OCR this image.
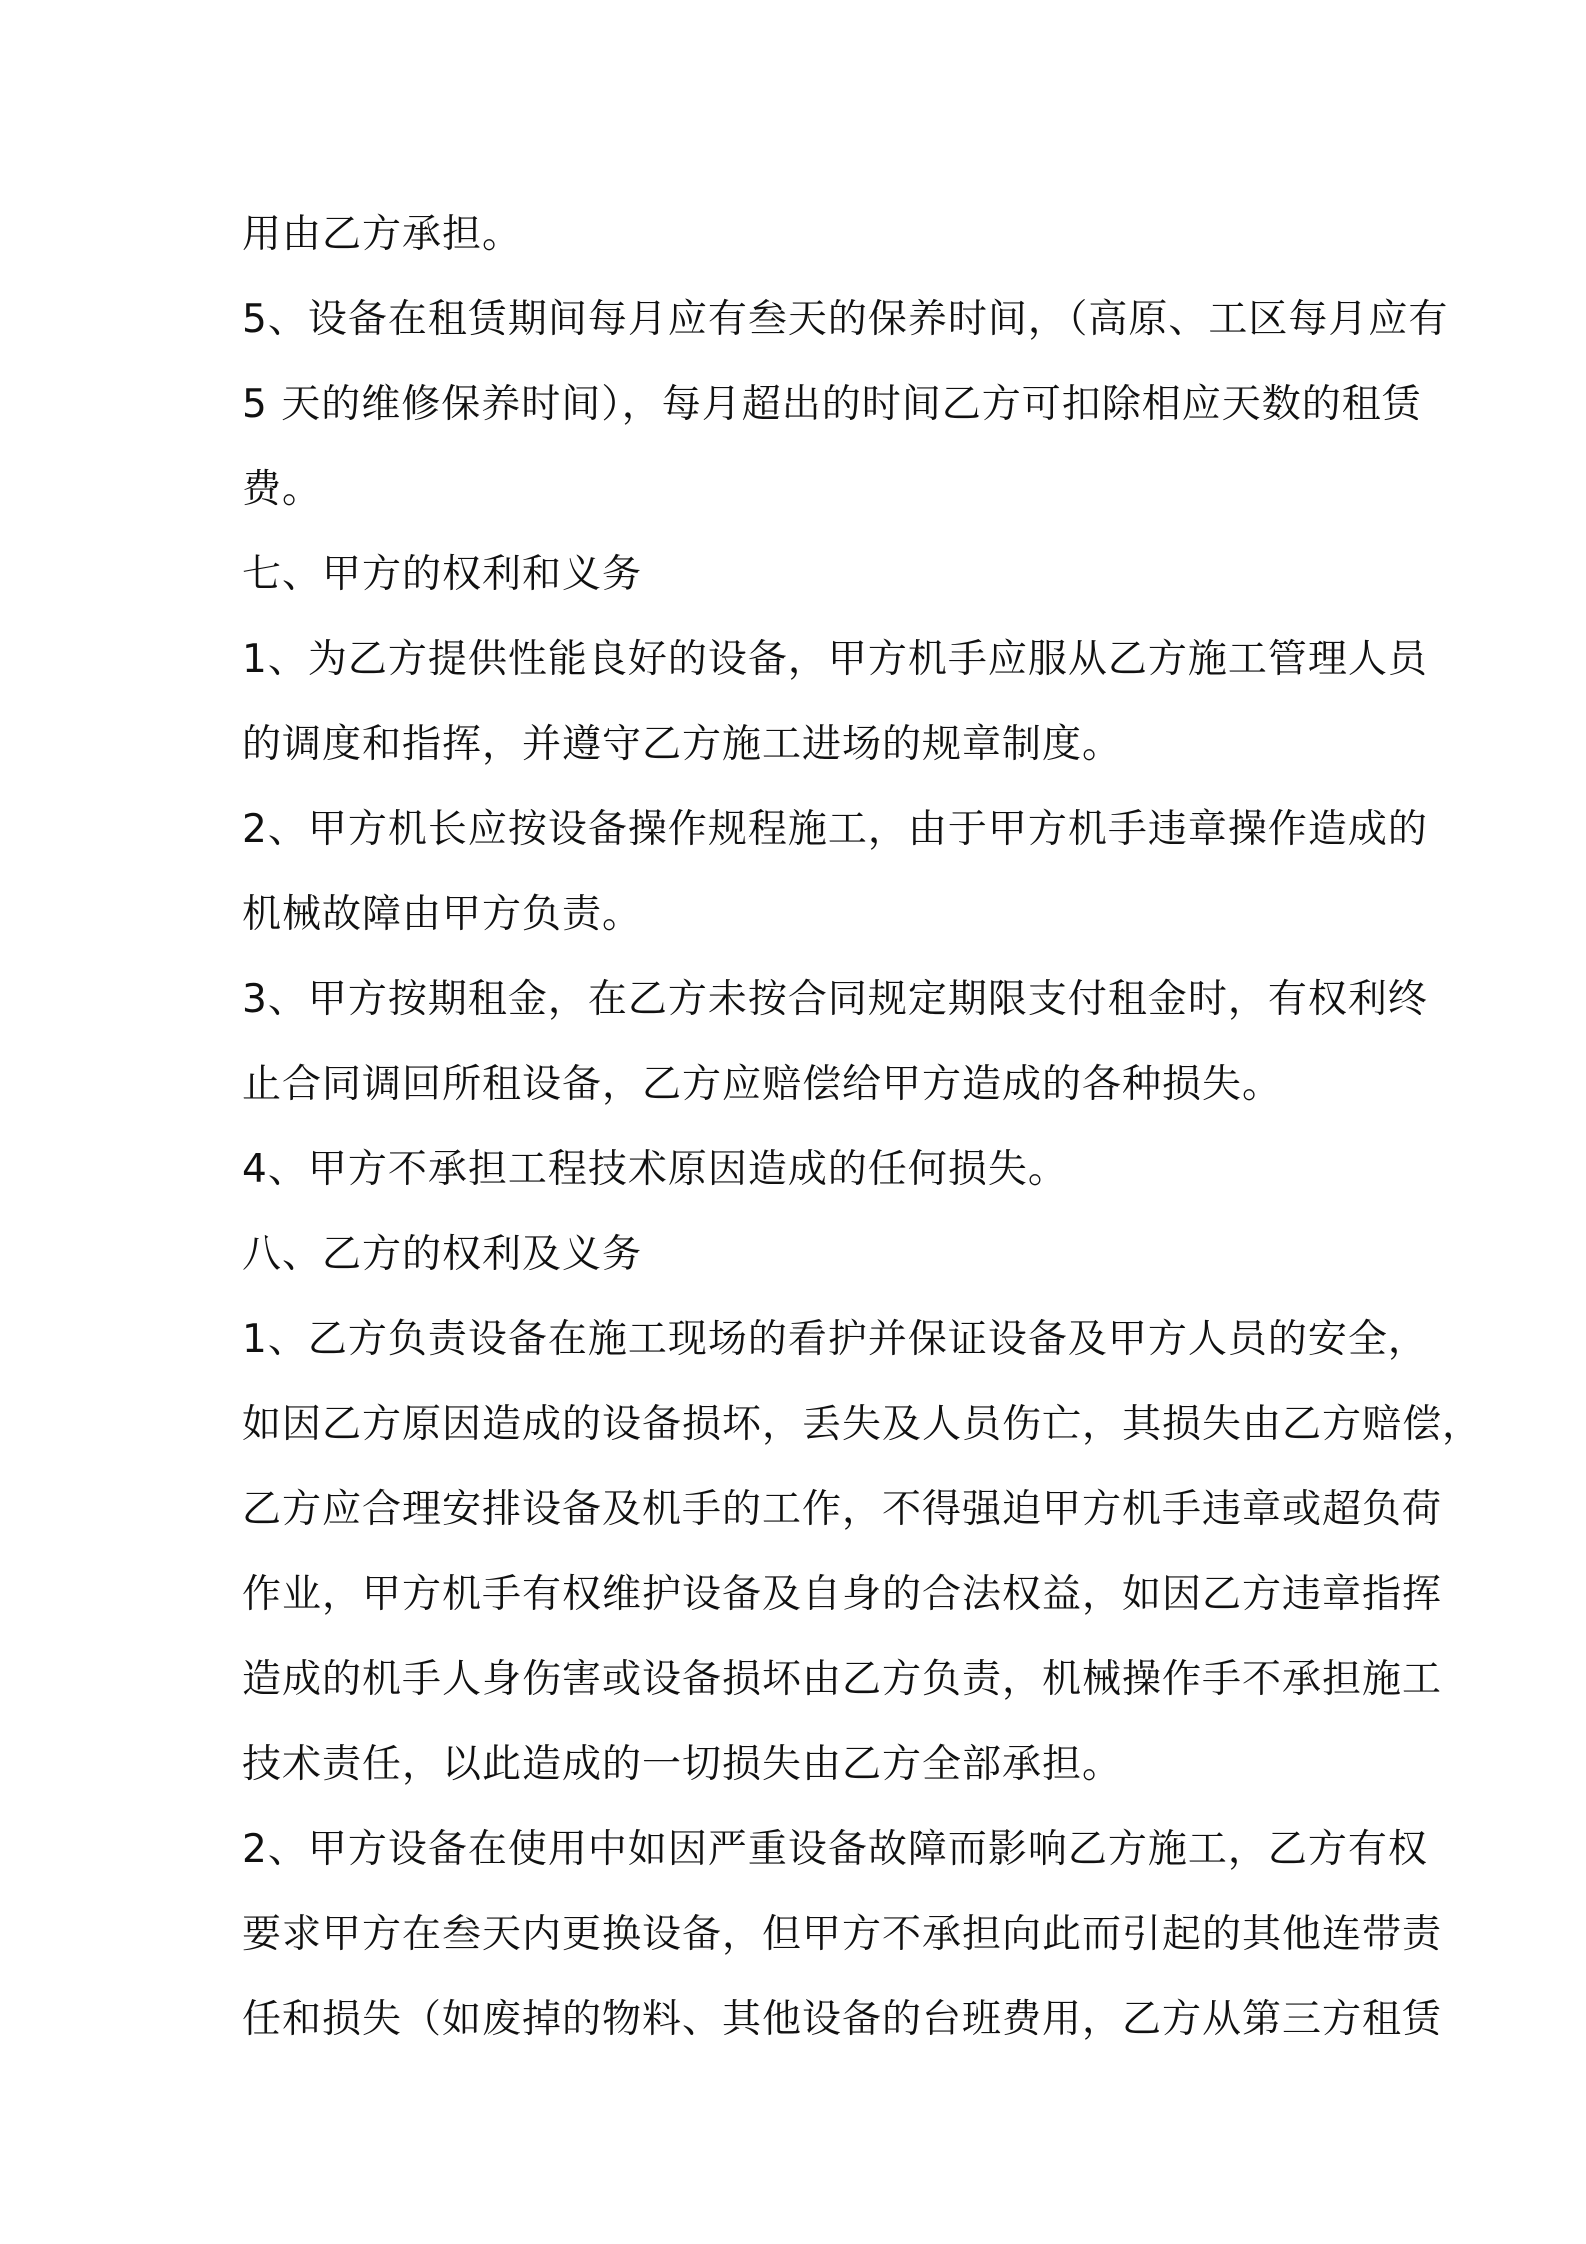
用由乙方承担。
5、设备在租赁期间每月应有叁天的保养时间，（高原、工区每月应有
5 天的维修保养时间），每月超出的时间乙方可扣除相应天数的租赁
费。
七、甲方的权利和义务
1、为乙方提供性能良好的设备，甲方机手应服从乙方施工管理人员
的调度和指挥，并遵守乙方施工进场的规章制度。
2、甲方机长应按设备操作规程施工，由于甲方机手违章操作造成的
机械故障由甲方负责。
3、甲方按期租金，在乙方未按合同规定期限支付租金时，有权利终
止合同调回所租设备，乙方应赔偿给甲方造成的各种损失。
4、甲方不承担工程技术原因造成的任何损失。
八、乙方的权利及义务
1、乙方负责设备在施工现场的看护并保证设备及甲方人员的安全，
如因乙方原因造成的设备损坏，丢失及人员伤亡，其损失由乙方赔偿，
乙方应合理安排设备及机手的工作，不得强迫甲方机手违章或超负荷
作业，甲方机手有权维护设备及自身的合法权益，如因乙方违章指挥
造成的机手人身伤害或设备损坏由乙方负责，机械操作手不承担施工
技术责任，以此造成的一切损失由乙方全部承担。
2、甲方设备在使用中如因严重设备故障而影响乙方施工，乙方有权
要求甲方在叁天内更换设备，但甲方不承担向此而引起的其他连带责
任和损失（如废掉的物料、其他设备的台班费用，乙方从第三方租赁
